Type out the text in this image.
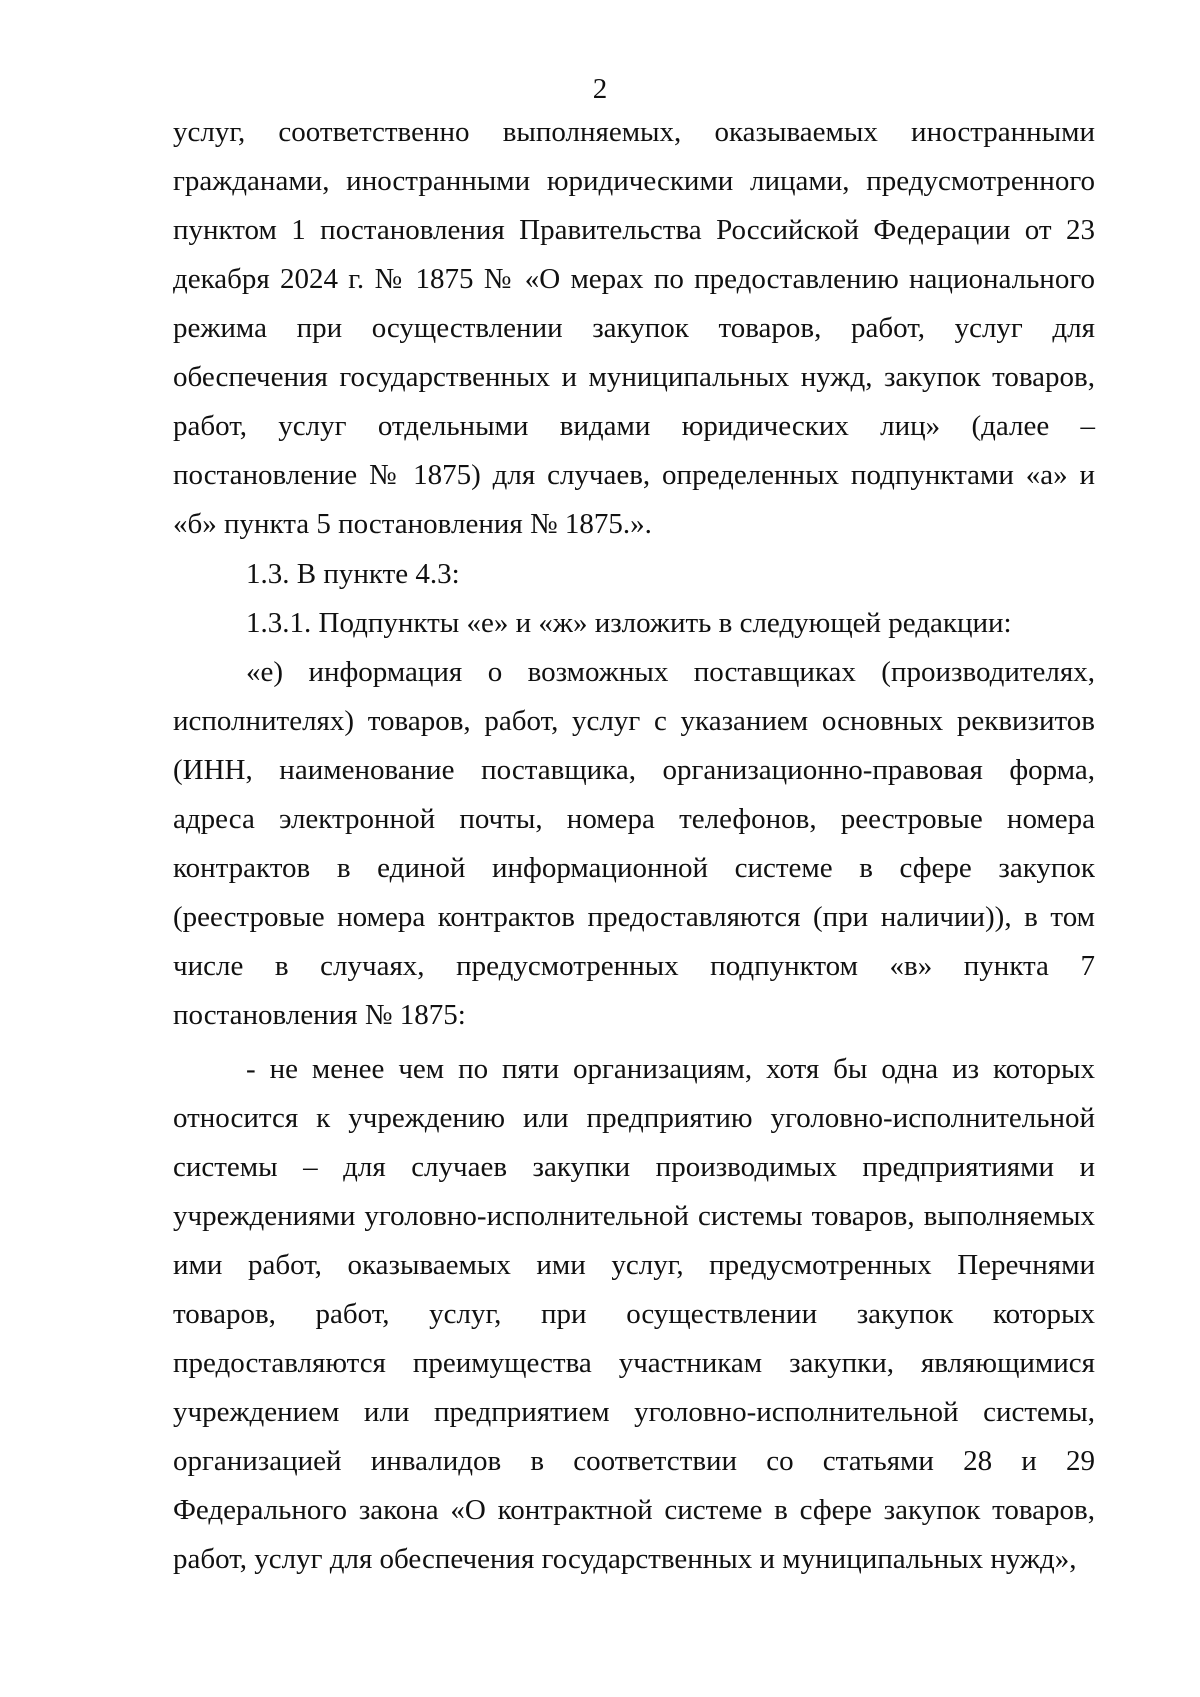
2

услуг, соответственно выполняемых, оказываемых иностранными гражданами, иностранными юридическими лицами, предусмотренного пунктом 1 постановления Правительства Российской Федерации от 23 декабря 2024 г. № 1875 № «О мерах по предоставлению национального режима при осуществлении закупок товаров, работ, услуг для обеспечения государственных и муниципальных нужд, закупок товаров, работ, услуг отдельными видами юридических лиц» (далее – постановление № 1875) для случаев, определенных подпунктами «а» и «б» пункта 5 постановления № 1875.».

1.3. В пункте 4.3:

1.3.1. Подпункты «е» и «ж» изложить в следующей редакции:

«е) информация о возможных поставщиках (производителях, исполнителях) товаров, работ, услуг с указанием основных реквизитов (ИНН, наименование поставщика, организационно-правовая форма, адреса электронной почты, номера телефонов, реестровые номера контрактов в единой информационной системе в сфере закупок (реестровые номера контрактов предоставляются (при наличии)), в том числе в случаях, предусмотренных подпунктом «в» пункта 7 постановления № 1875:

- не менее чем по пяти организациям, хотя бы одна из которых относится к учреждению или предприятию уголовно-исполнительной системы – для случаев закупки производимых предприятиями и учреждениями уголовно-исполнительной системы товаров, выполняемых ими работ, оказываемых ими услуг, предусмотренных Перечнями товаров, работ, услуг, при осуществлении закупок которых предоставляются преимущества участникам закупки, являющимися учреждением или предприятием уголовно-исполнительной системы, организацией инвалидов в соответствии со статьями 28 и 29 Федерального закона «О контрактной системе в сфере закупок товаров, работ, услуг для обеспечения государственных и муниципальных нужд»,
